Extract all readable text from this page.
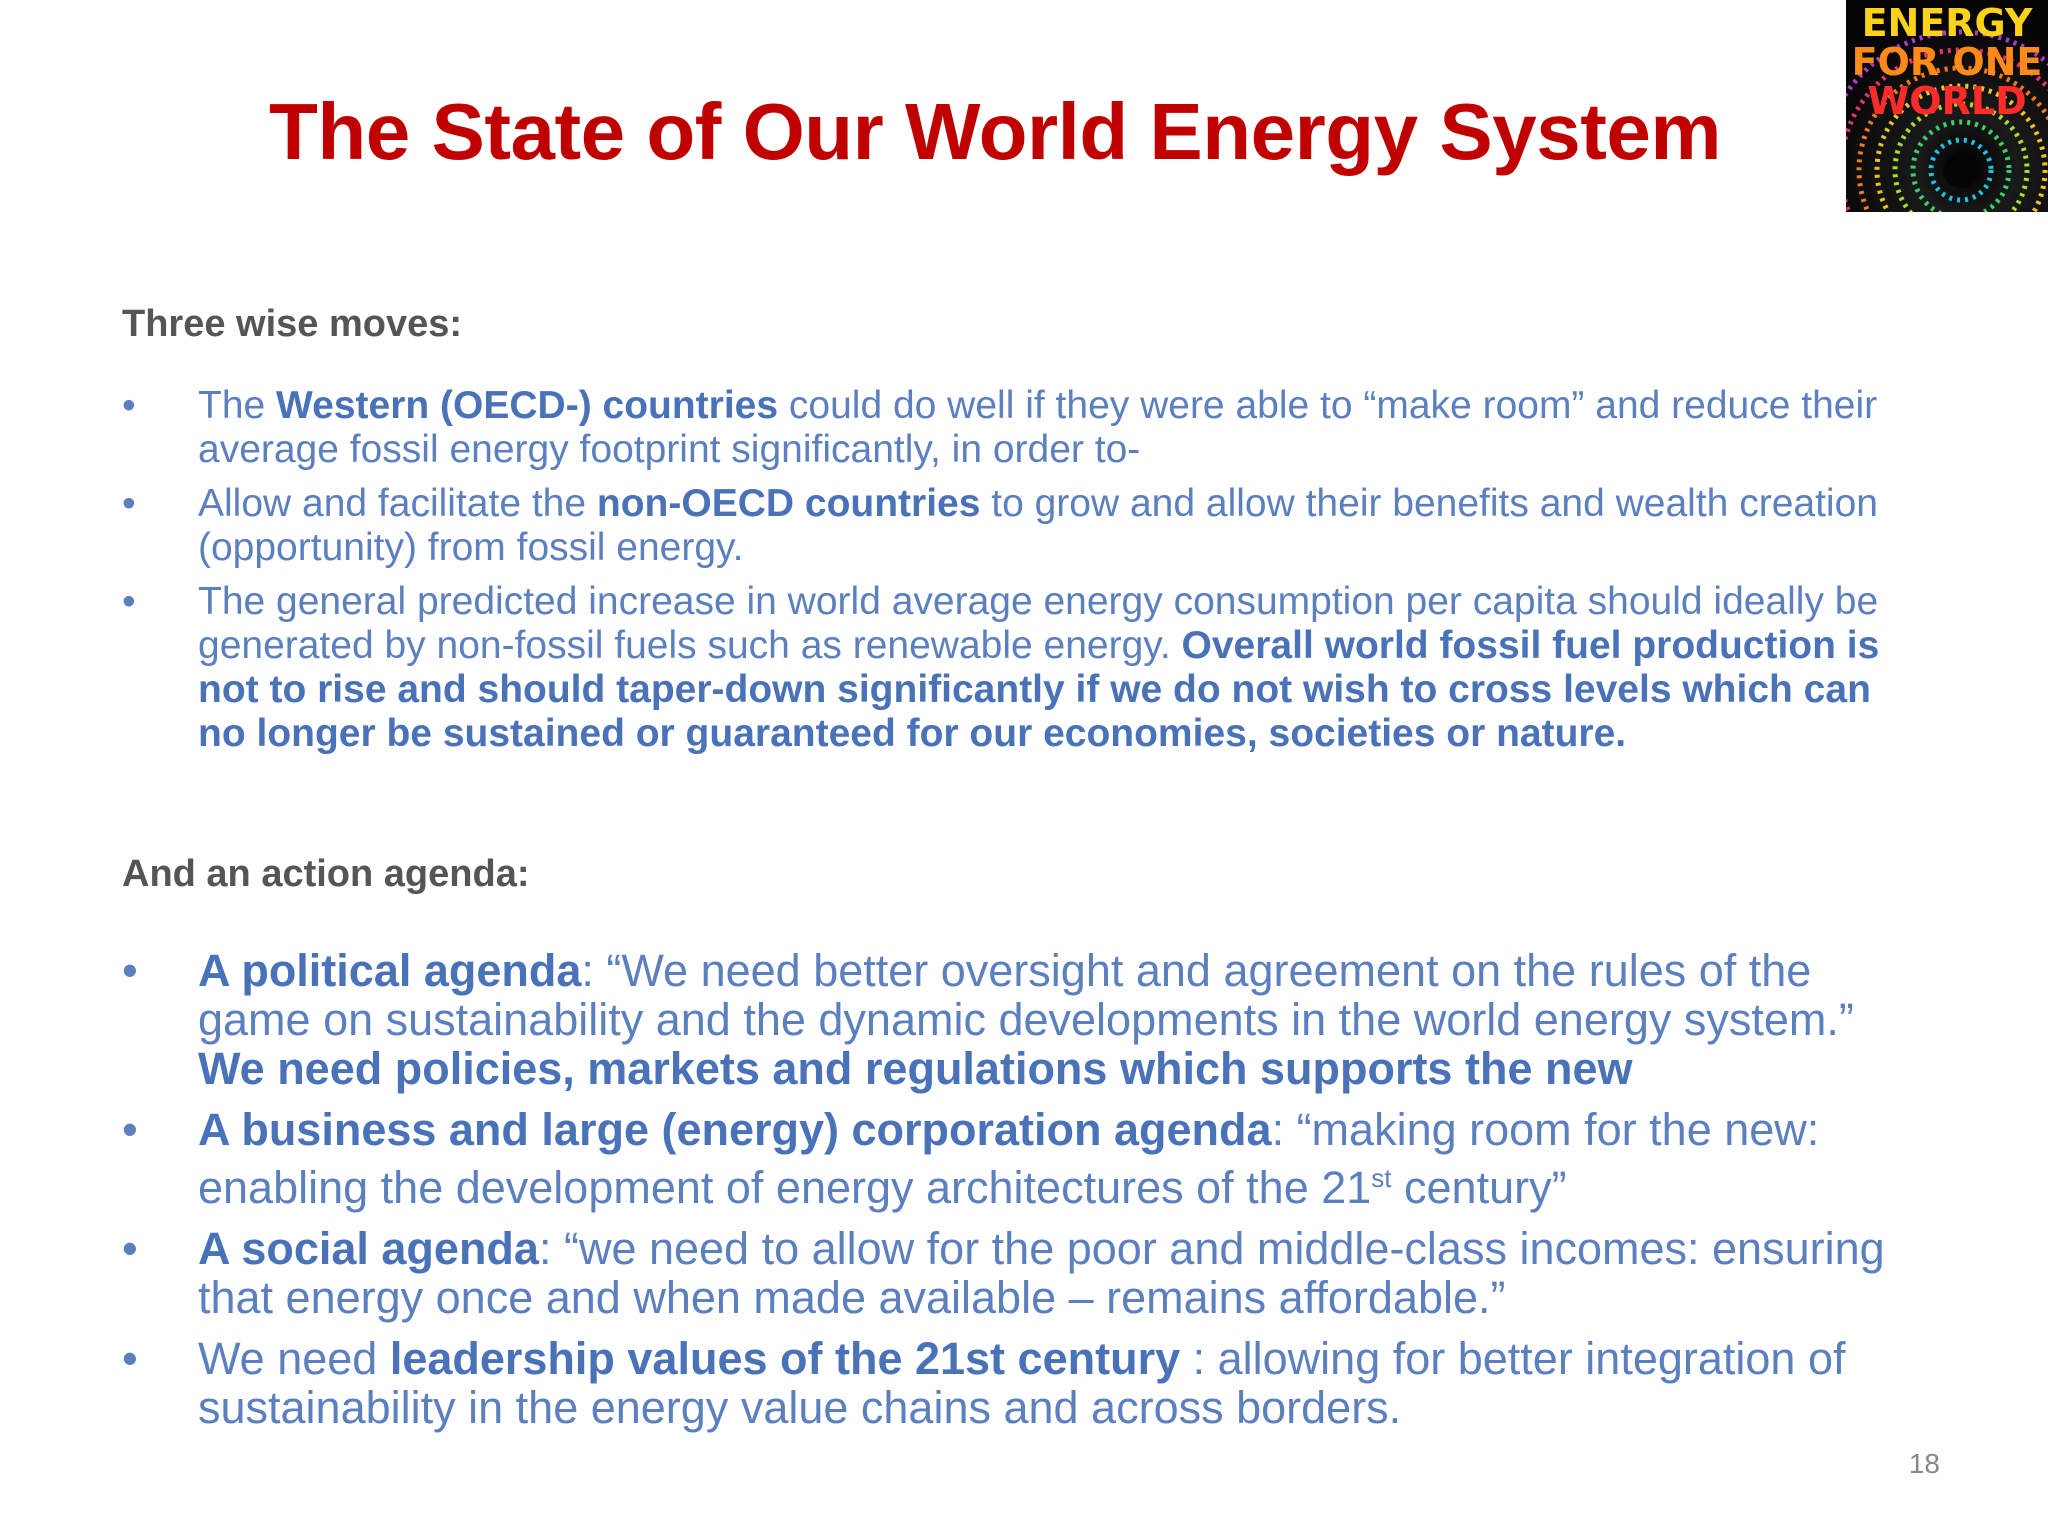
The State of Our World Energy System
ENERGY
FOR ONE
WORLD
Three wise moves:
• The Western (OECD-) countries could do well if they were able to “make room” and reduce their average fossil energy footprint significantly, in order to-
• Allow and facilitate the non-OECD countries to grow and allow their benefits and wealth creation (opportunity) from fossil energy.
• The general predicted increase in world average energy consumption per capita should ideally be generated by non-fossil fuels such as renewable energy. Overall world fossil fuel production is not to rise and should taper-down significantly if we do not wish to cross levels which can no longer be sustained or guaranteed for our economies, societies or nature.
And an action agenda:
• A political agenda: “We need better oversight and agreement on the rules of the game on sustainability and the dynamic developments in the world energy system.” We need policies, markets and regulations which supports the new
• A business and large (energy) corporation agenda: “making room for the new: enabling the development of energy architectures of the 21st century”
• A social agenda: “we need to allow for the poor and middle-class incomes: ensuring that energy once and when made available – remains affordable.”
• We need leadership values of the 21st century : allowing for better integration of sustainability in the energy value chains and across borders.
18
